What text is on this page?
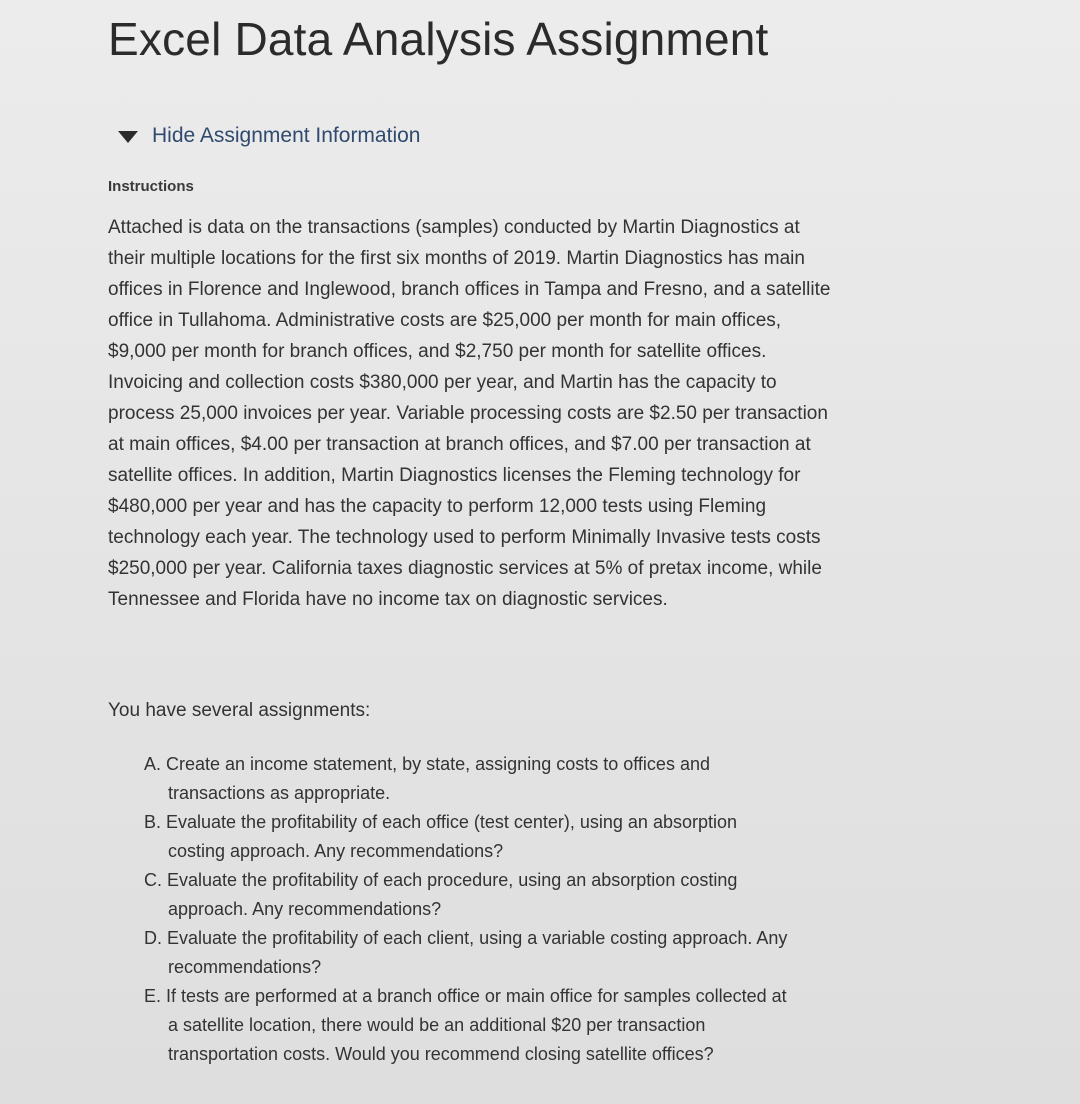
Excel Data Analysis Assignment
Hide Assignment Information
Instructions
Attached is data on the transactions (samples) conducted by Martin Diagnostics at
their multiple locations for the first six months of 2019. Martin Diagnostics has main
offices in Florence and Inglewood, branch offices in Tampa and Fresno, and a satellite
office in Tullahoma. Administrative costs are $25,000 per month for main offices,
$9,000 per month for branch offices, and $2,750 per month for satellite offices.
Invoicing and collection costs $380,000 per year, and Martin has the capacity to
process 25,000 invoices per year. Variable processing costs are $2.50 per transaction
at main offices, $4.00 per transaction at branch offices, and $7.00 per transaction at
satellite offices. In addition, Martin Diagnostics licenses the Fleming technology for
$480,000 per year and has the capacity to perform 12,000 tests using Fleming
technology each year. The technology used to perform Minimally Invasive tests costs
$250,000 per year. California taxes diagnostic services at 5% of pretax income, while
Tennessee and Florida have no income tax on diagnostic services.
You have several assignments:
A. Create an income statement, by state, assigning costs to offices and
transactions as appropriate.
B. Evaluate the profitability of each office (test center), using an absorption
costing approach. Any recommendations?
C. Evaluate the profitability of each procedure, using an absorption costing
approach. Any recommendations?
D. Evaluate the profitability of each client, using a variable costing approach. Any
recommendations?
E. If tests are performed at a branch office or main office for samples collected at
a satellite location, there would be an additional $20 per transaction
transportation costs. Would you recommend closing satellite offices?
